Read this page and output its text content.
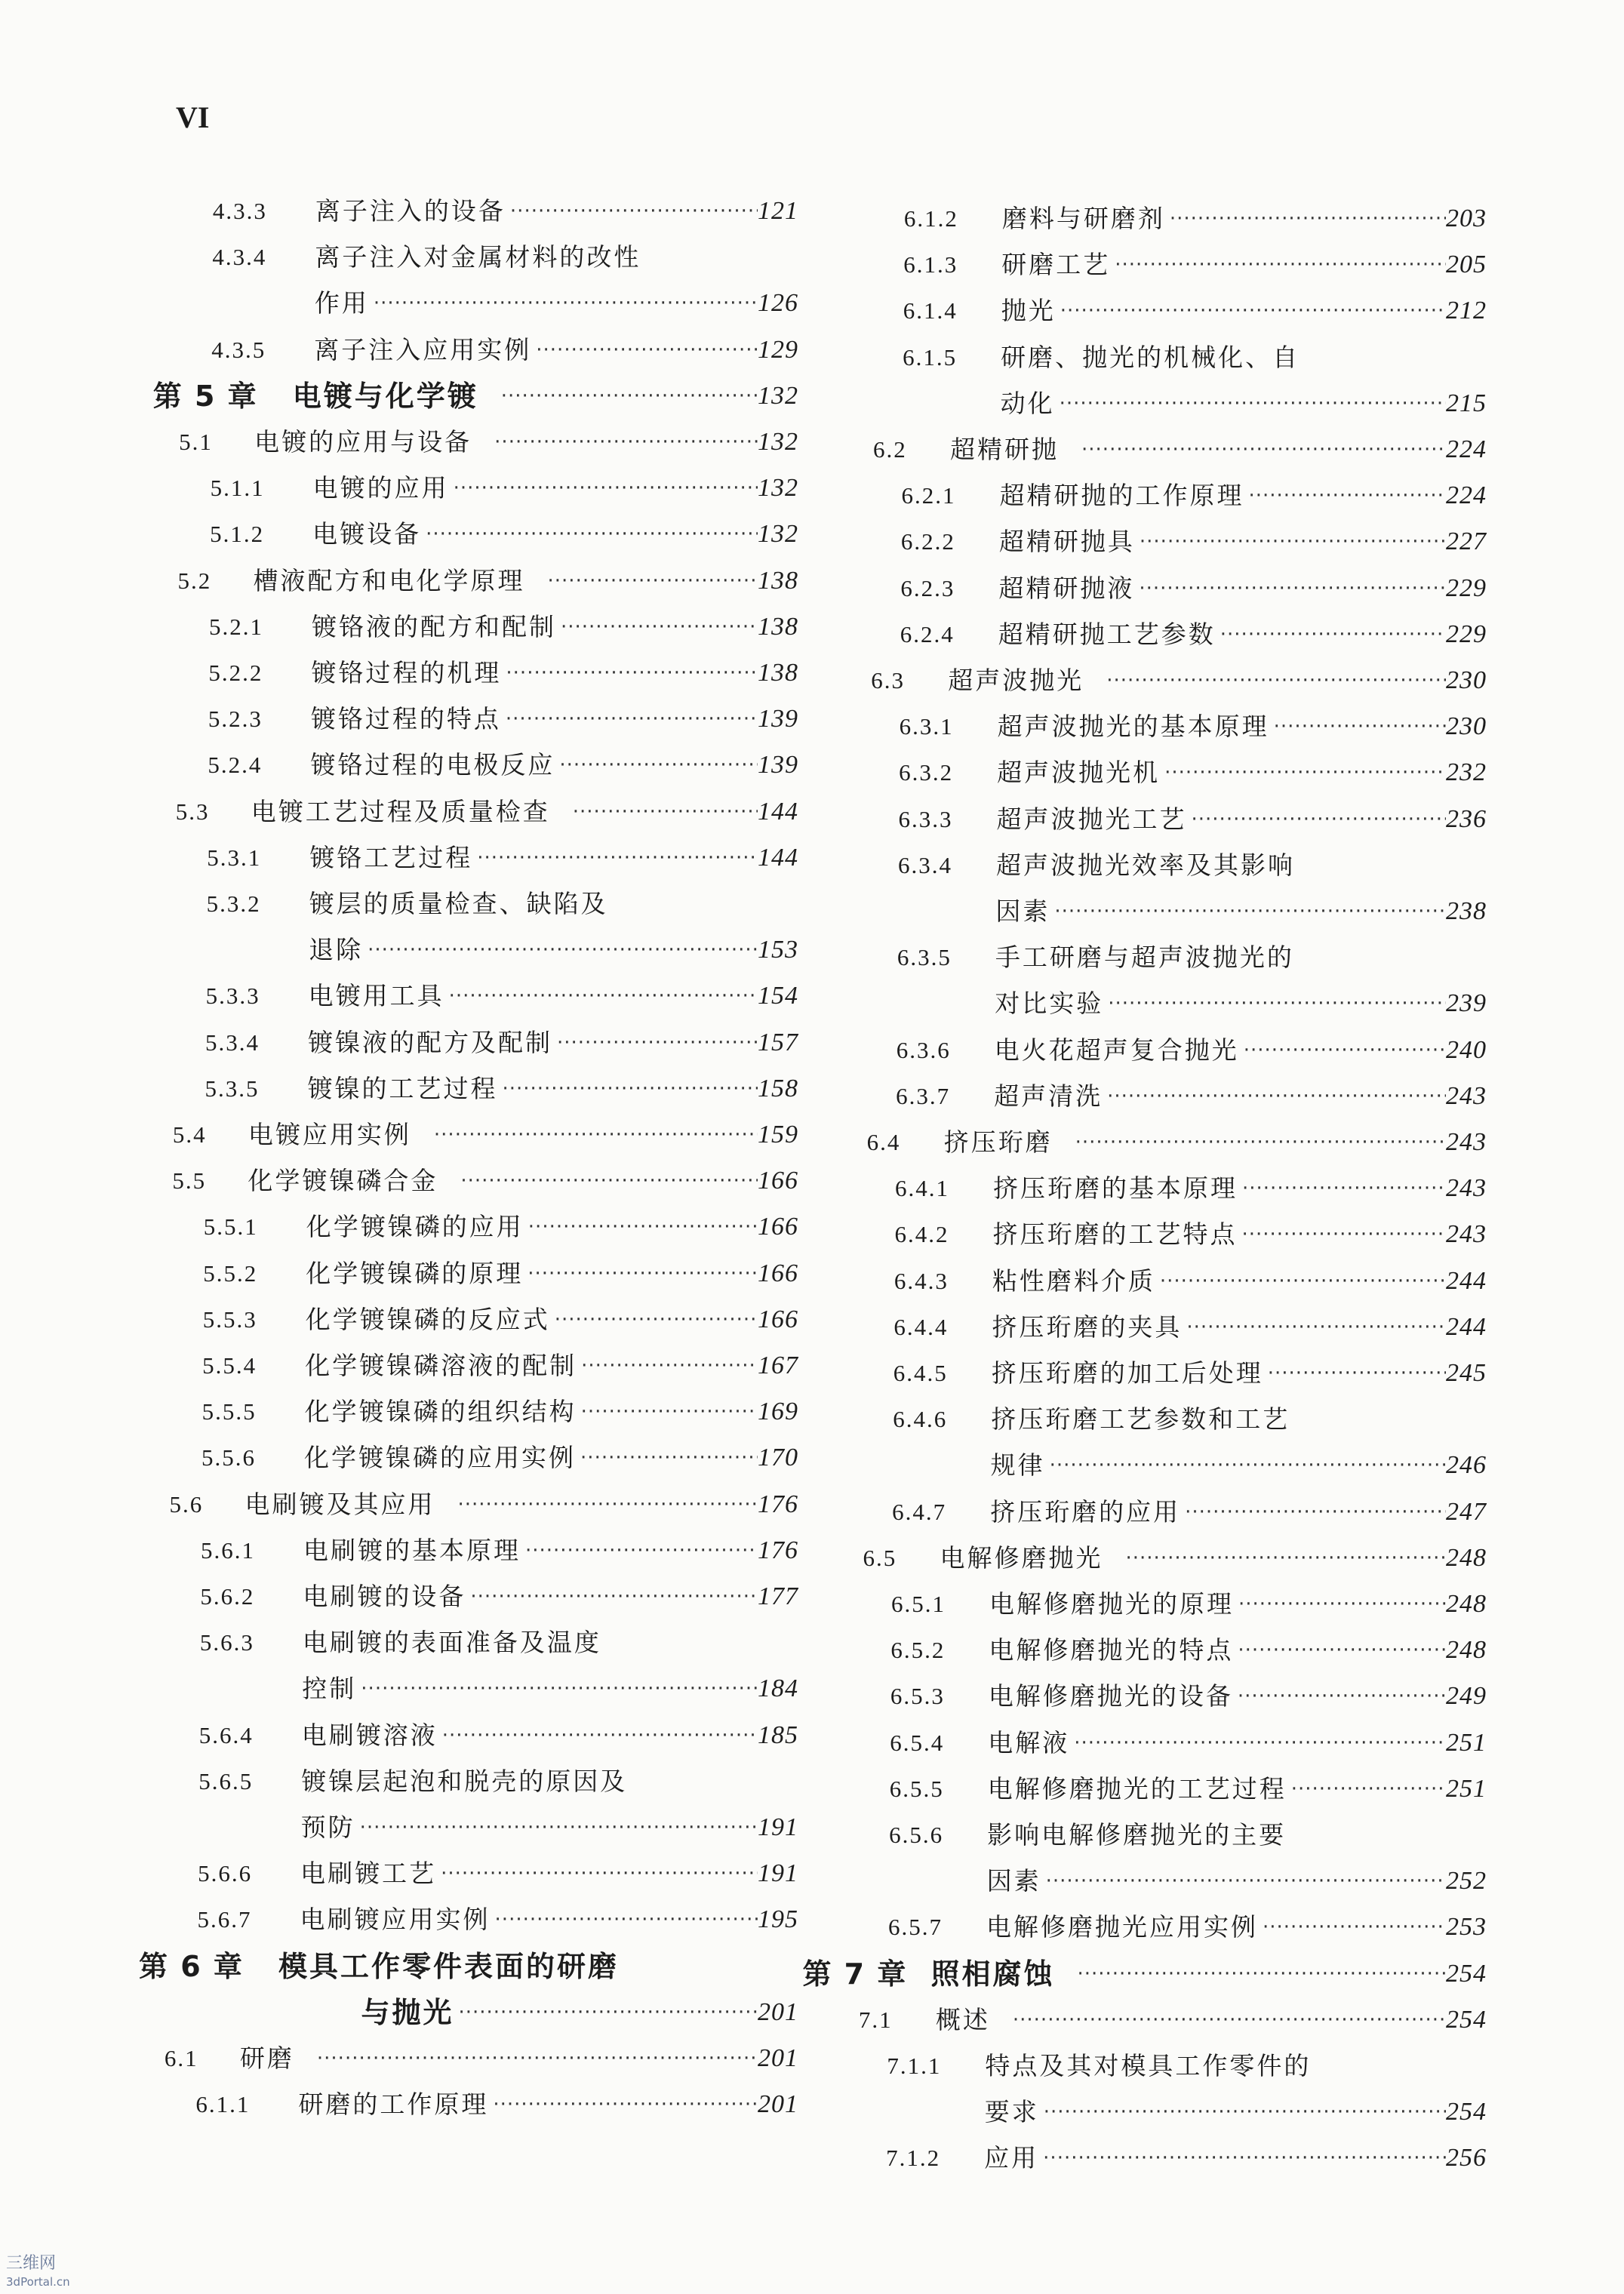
VI
4.3.3	离子注入的设备 ·····	121
4.3.4	离子注入对金属材料的改性
作用 ·····	126
4.3.5	离子注入应用实例 ·····	129
第 5 章	电镀与化学镀 ·····	132
5.1	电镀的应用与设备 ·····	132
5.1.1	电镀的应用 ·····	132
5.1.2	电镀设备 ·····	132
5.2	槽液配方和电化学原理 ·····	138
5.2.1	镀铬液的配方和配制 ·····	138
5.2.2	镀铬过程的机理 ·····	138
5.2.3	镀铬过程的特点 ·····	139
5.2.4	镀铬过程的电极反应 ·····	139
5.3	电镀工艺过程及质量检查 ·····	144
5.3.1	镀铬工艺过程 ·····	144
5.3.2	镀层的质量检查、缺陷及
退除 ·····	153
5.3.3	电镀用工具 ·····	154
5.3.4	镀镍液的配方及配制 ·····	157
5.3.5	镀镍的工艺过程 ·····	158
5.4	电镀应用实例 ·····	159
5.5	化学镀镍磷合金 ·····	166
5.5.1	化学镀镍磷的应用 ·····	166
5.5.2	化学镀镍磷的原理 ·····	166
5.5.3	化学镀镍磷的反应式 ·····	166
5.5.4	化学镀镍磷溶液的配制 ·····	167
5.5.5	化学镀镍磷的组织结构 ·····	169
5.5.6	化学镀镍磷的应用实例 ·····	170
5.6	电刷镀及其应用 ·····	176
5.6.1	电刷镀的基本原理 ·····	176
5.6.2	电刷镀的设备 ·····	177
5.6.3	电刷镀的表面准备及温度
控制 ·····	184
5.6.4	电刷镀溶液 ·····	185
5.6.5	镀镍层起泡和脱壳的原因及
预防 ·····	191
5.6.6	电刷镀工艺 ·····	191
5.6.7	电刷镀应用实例 ·····	195
第 6 章	模具工作零件表面的研磨
与抛光 ·····	201
6.1	研磨 ·····	201
6.1.1	研磨的工作原理 ·····	201
6.1.2	磨料与研磨剂 ·····	203
6.1.3	研磨工艺 ·····	205
6.1.4	抛光 ·····	212
6.1.5	研磨、抛光的机械化、自
动化 ·····	215
6.2	超精研抛 ·····	224
6.2.1	超精研抛的工作原理 ·····	224
6.2.2	超精研抛具 ·····	227
6.2.3	超精研抛液 ·····	229
6.2.4	超精研抛工艺参数 ·····	229
6.3	超声波抛光 ·····	230
6.3.1	超声波抛光的基本原理 ·····	230
6.3.2	超声波抛光机 ·····	232
6.3.3	超声波抛光工艺 ·····	236
6.3.4	超声波抛光效率及其影响
因素 ·····	238
6.3.5	手工研磨与超声波抛光的
对比实验 ·····	239
6.3.6	电火花超声复合抛光 ·····	240
6.3.7	超声清洗 ·····	243
6.4	挤压珩磨 ·····	243
6.4.1	挤压珩磨的基本原理 ·····	243
6.4.2	挤压珩磨的工艺特点 ·····	243
6.4.3	粘性磨料介质 ·····	244
6.4.4	挤压珩磨的夹具 ·····	244
6.4.5	挤压珩磨的加工后处理 ·····	245
6.4.6	挤压珩磨工艺参数和工艺
规律 ·····	246
6.4.7	挤压珩磨的应用 ·····	247
6.5	电解修磨抛光 ·····	248
6.5.1	电解修磨抛光的原理 ·····	248
6.5.2	电解修磨抛光的特点 ·····	248
6.5.3	电解修磨抛光的设备 ·····	249
6.5.4	电解液 ·····	251
6.5.5	电解修磨抛光的工艺过程 ·····	251
6.5.6	影响电解修磨抛光的主要
因素 ·····	252
6.5.7	电解修磨抛光应用实例 ·····	253
第 7 章 照相腐蚀 ·····	254
7.1	概述 ·····	254
7.1.1	特点及其对模具工作零件的
要求 ·····	254
7.1.2	应用 ·····	256
三维网
3dPortal.cn
